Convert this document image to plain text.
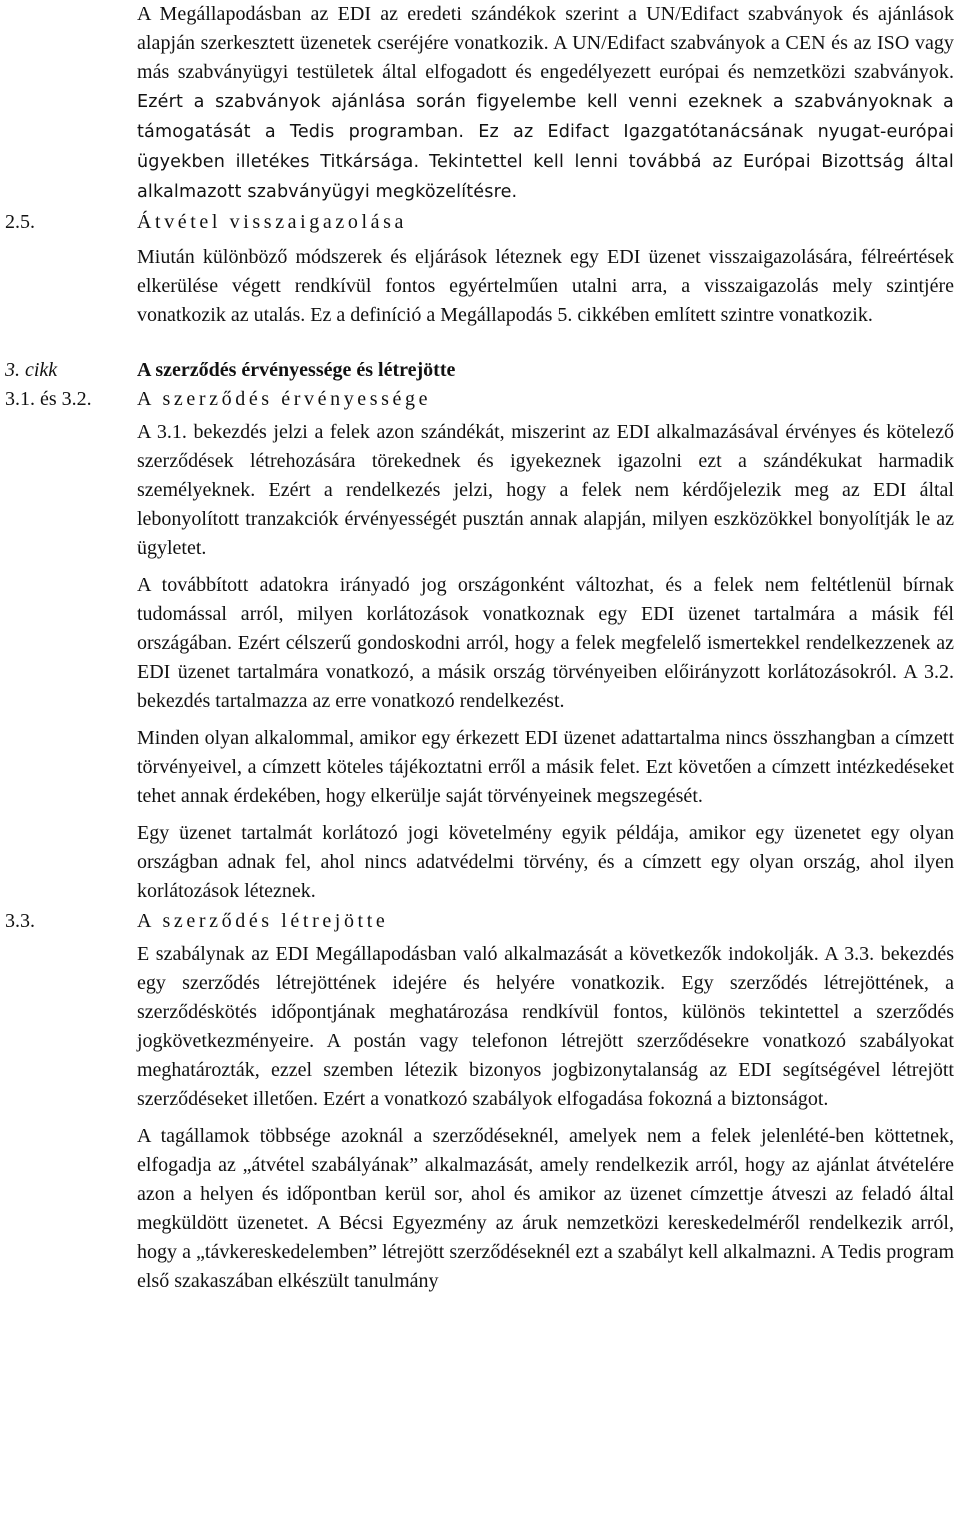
A Megállapodásban az EDI az eredeti szándékok szerint a UN/Edifact szabványok és ajánlások alapján szerkesztett üzenetek cseréjére vonatkozik. A UN/Edifact szabványok a CEN és az ISO vagy más szabványügyi testületek által elfogadott és engedélyezett európai és nemzetközi szabványok. Ezért a szabványok ajánlása során figyelembe kell venni ezeknek a szabványoknak a támogatását a Tedis programban. Ez az Edifact Igazgatótanácsának nyugat-európai ügyekben illetékes Titkársága. Tekintettel kell lenni továbbá az Európai Bizottság által alkalmazott szabványügyi megközelítésre.

2.5.	Átvétel visszaigazolása

Miután különböző módszerek és eljárások léteznek egy EDI üzenet visszaigazolására, félreértések elkerülése végett rendkívül fontos egyértelműen utalni arra, a visszaigazolás mely szintjére vonatkozik az utalás. Ez a definíció a Megállapodás 5. cikkében említett szintre vonatkozik.

3. cikk	A szerződés érvényessége és létrejötte

3.1. és 3.2. A szerződés érvényessége

A 3.1. bekezdés jelzi a felek azon szándékát, miszerint az EDI alkalmazásával érvényes és kötelező szerződések létrehozására törekednek és igyekeznek igazolni ezt a szándékukat harmadik személyeknek. Ezért a rendelkezés jelzi, hogy a felek nem kérdőjelezik meg az EDI által lebonyolított tranzakciók érvényességét pusztán annak alapján, milyen eszközökkel bonyolítják le az ügyletet.

A továbbított adatokra irányadó jog országonként változhat, és a felek nem feltétlenül bírnak tudomással arról, milyen korlátozások vonatkoznak egy EDI üzenet tartalmára a másik fél országában. Ezért célszerű gondoskodni arról, hogy a felek megfelelő ismertekkel rendelkezzenek az EDI üzenet tartalmára vonatkozó, a másik ország törvényeiben előirányzott korlátozásokról. A 3.2. bekezdés tartalmazza az erre vonatkozó rendelkezést.

Minden olyan alkalommal, amikor egy érkezett EDI üzenet adattartalma nincs összhangban a címzett törvényeivel, a címzett köteles tájékoztatni erről a másik felet. Ezt követően a címzett intézkedéseket tehet annak érdekében, hogy elkerülje saját törvényeinek megszegését.

Egy üzenet tartalmát korlátozó jogi követelmény egyik példája, amikor egy üzenetet egy olyan országban adnak fel, ahol nincs adatvédelmi törvény, és a címzett egy olyan ország, ahol ilyen korlátozások léteznek.

3.3.	A szerződés létrejötte

E szabálynak az EDI Megállapodásban való alkalmazását a következők indokolják. A 3.3. bekezdés egy szerződés létrejöttének idejére és helyére vonatkozik. Egy szerződés létrejöttének, a szerződéskötés időpontjának meghatározása rendkívül fontos, különös tekintettel a szerződés jogkövetkezményeire. A postán vagy telefonon létrejött szerződésekre vonatkozó szabályokat meghatározták, ezzel szemben létezik bizonyos jogbizonytalanság az EDI segítségével létrejött szerződéseket illetően. Ezért a vonatkozó szabályok elfogadása fokozná a biztonságot.

A tagállamok többsége azoknál a szerződéseknél, amelyek nem a felek jelenlété-ben köttetnek, elfogadja az „átvétel szabályának” alkalmazását, amely rendelkezik arról, hogy az ajánlat átvételére azon a helyen és időpontban kerül sor, ahol és amikor az üzenet címzettje átveszi az feladó által megküldött üzenetet. A Bécsi Egyezmény az áruk nemzetközi kereskedelméről rendelkezik arról, hogy a „távkereskedelemben” létrejött szerződéseknél ezt a szabályt kell alkalmazni. A Tedis program első szakaszában elkészült tanulmány
